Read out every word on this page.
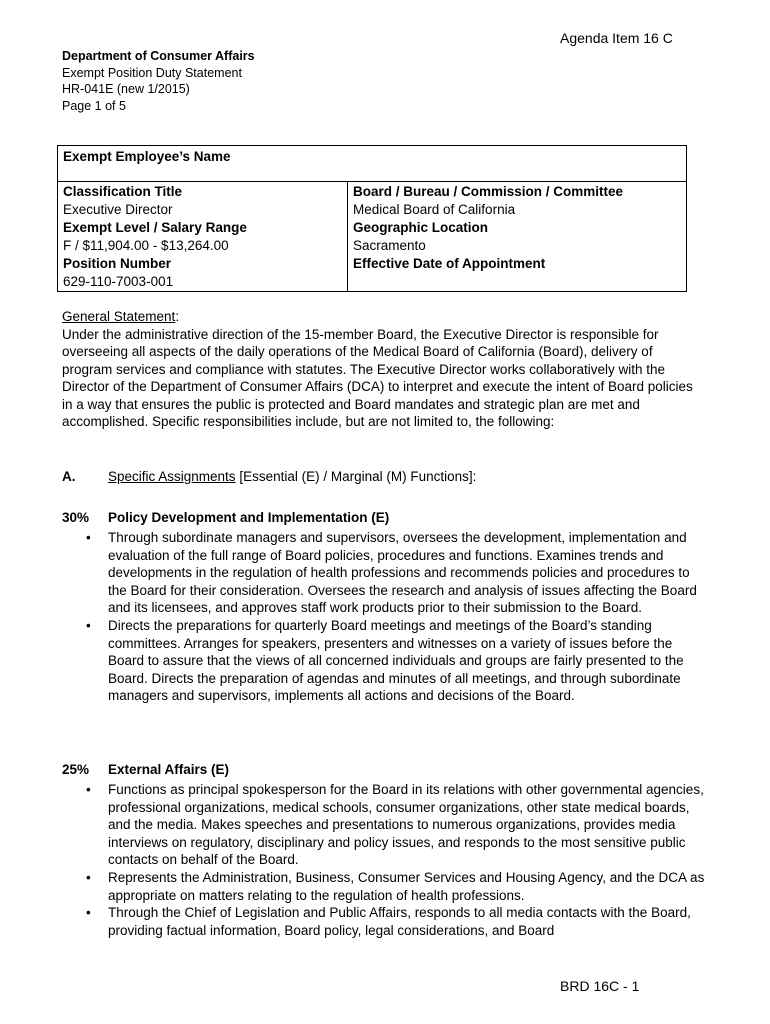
Agenda Item 16 C
Department of Consumer Affairs
Exempt Position Duty Statement
HR-041E (new 1/2015)
Page 1 of 5
Exempt Employee’s Name
Classification Title
Executive Director
Exempt Level / Salary Range
F / $11,904.00 - $13,264.00
Position Number
629-110-7003-001
Board / Bureau / Commission / Committee
Medical Board of California
Geographic Location
Sacramento
Effective Date of Appointment
General Statement:
Under the administrative direction of the 15-member Board, the Executive Director is responsible for overseeing all aspects of the daily operations of the Medical Board of California (Board), delivery of program services and compliance with statutes. The Executive Director works collaboratively with the Director of the Department of Consumer Affairs (DCA) to interpret and execute the intent of Board policies in a way that ensures the public is protected and Board mandates and strategic plan are met and accomplished. Specific responsibilities include, but are not limited to, the following:
A. Specific Assignments [Essential (E) / Marginal (M) Functions]:
30% Policy Development and Implementation (E)
• Through subordinate managers and supervisors, oversees the development, implementation and evaluation of the full range of Board policies, procedures and functions. Examines trends and developments in the regulation of health professions and recommends policies and procedures to the Board for their consideration. Oversees the research and analysis of issues affecting the Board and its licensees, and approves staff work products prior to their submission to the Board.
• Directs the preparations for quarterly Board meetings and meetings of the Board’s standing committees. Arranges for speakers, presenters and witnesses on a variety of issues before the Board to assure that the views of all concerned individuals and groups are fairly presented to the Board. Directs the preparation of agendas and minutes of all meetings, and through subordinate managers and supervisors, implements all actions and decisions of the Board.
25% External Affairs (E)
• Functions as principal spokesperson for the Board in its relations with other governmental agencies, professional organizations, medical schools, consumer organizations, other state medical boards, and the media. Makes speeches and presentations to numerous organizations, provides media interviews on regulatory, disciplinary and policy issues, and responds to the most sensitive public contacts on behalf of the Board.
• Represents the Administration, Business, Consumer Services and Housing Agency, and the DCA as appropriate on matters relating to the regulation of health professions.
• Through the Chief of Legislation and Public Affairs, responds to all media contacts with the Board, providing factual information, Board policy, legal considerations, and Board
BRD 16C - 1
